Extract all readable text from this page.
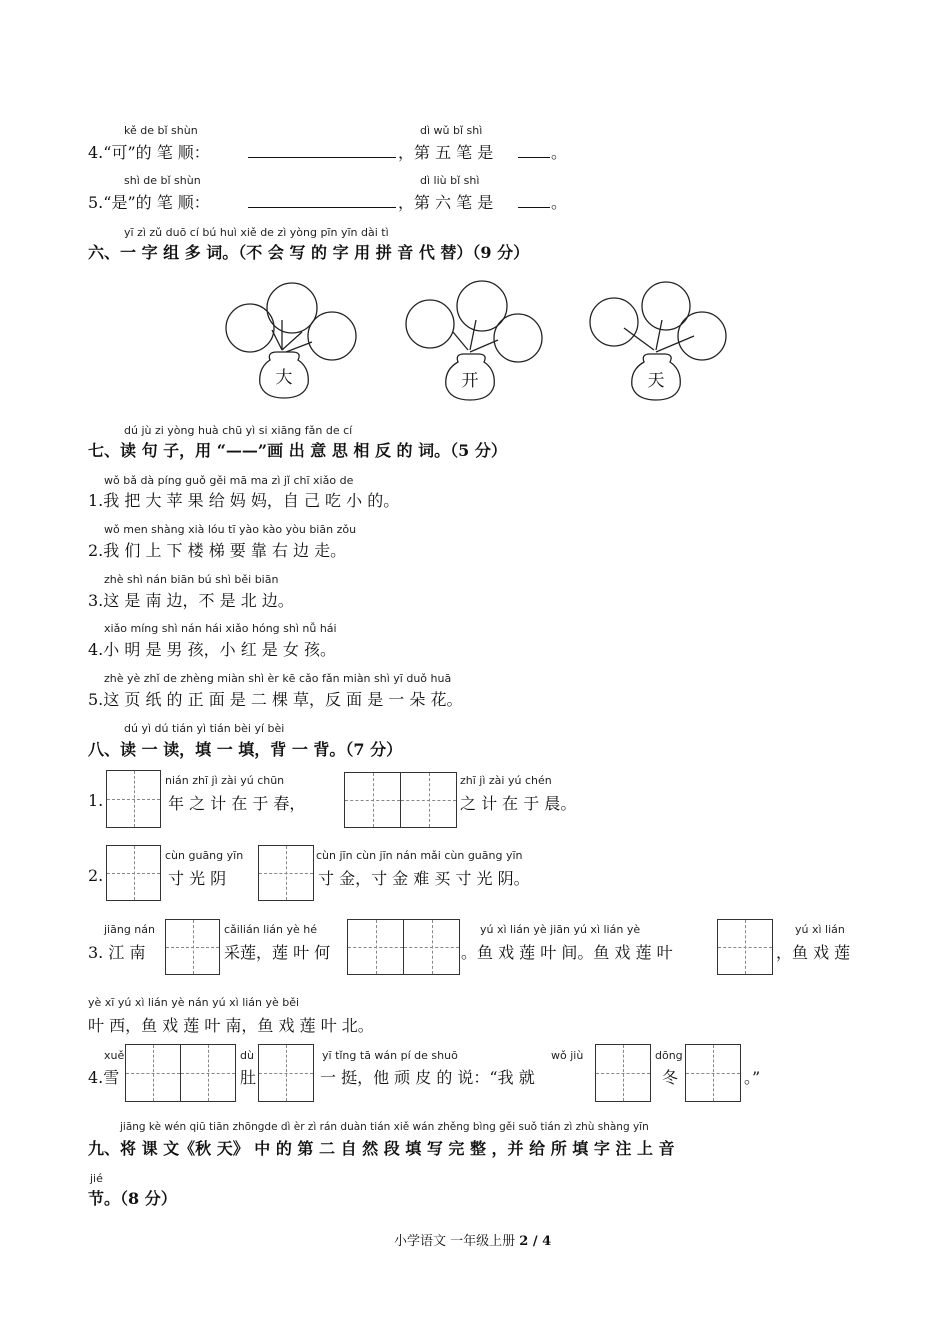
kě de bǐ shùn	dì wǔ bǐ shì
4.“可”的 笔 顺：	，第 五 笔 是	。
shì de bǐ shùn	dì liù bǐ shì
5.“是”的 笔 顺：	，第 六 笔 是	。
yī zì zǔ duō cí bú huì xiě de zì yòng pīn yīn dài tì
六、一 字 组 多 词。（不 会 写 的 字 用 拼 音 代 替）（9 分）
大	开	天
dú jù zi yòng huà chū yì si xiāng fǎn de cí
七、读 句 子，用 “——”画 出 意 思 相 反 的 词。（5 分）
wǒ bǎ dà píng guǒ gěi mā ma zì jǐ chī xiǎo de
1.我 把 大 苹 果 给 妈 妈，自 己 吃 小 的。
wǒ men shàng xià lóu tī yào kào yòu biān zǒu
2.我 们 上 下 楼 梯 要 靠 右 边 走。
zhè shì nán biān bú shì běi biān
3.这 是 南 边，不 是 北 边。
xiǎo míng shì nán hái xiǎo hóng shì nǚ hái
4.小 明 是 男 孩，小 红 是 女 孩。
zhè yè zhǐ de zhèng miàn shì èr kē cǎo fǎn miàn shì yī duǒ huā
5.这 页 纸 的 正 面 是 二 棵 草，反 面 是 一 朵 花。
dú yì dú tián yì tián bèi yí bèi
八、读 一 读，填 一 填，背 一 背。（7 分）
1.
nián zhī jì zài yú chūn
年 之 计 在 于 春，
zhī jì zài yú chén
之 计 在 于 晨。
2.
cùn guāng yīn
寸 光 阴
cùn jīn cùn jīn nán mǎi cùn guāng yīn
寸 金，寸 金 难 买 寸 光 阴。
jiāng nán
3. 江 南
cǎilián lián yè hé
采莲，莲 叶 何
yú xì lián yè jiān yú xì lián yè
。鱼 戏 莲 叶 间。鱼 戏 莲 叶
yú xì lián
，鱼 戏 莲
yè xī yú xì lián yè nán yú xì lián yè běi
叶 西，鱼 戏 莲 叶 南，鱼 戏 莲 叶 北。
xuě
4.雪
dù
肚
yī tǐng tā wán pí de shuō
一 挺，他 顽 皮 的 说：“我 就
wǒ jiù	dōng
冬	。”
jiāng kè wén qiū tiān zhōngde dì èr zì rán duàn tián xiě wán zhěng bìng gěi suǒ tián zì zhù shàng yīn
九、将 课 文《秋 天》 中 的 第 二 自 然 段 填 写 完 整 ，并 给 所 填 字 注 上 音
jié
节。（8 分）
小学语文 一年级上册 2 / 4
